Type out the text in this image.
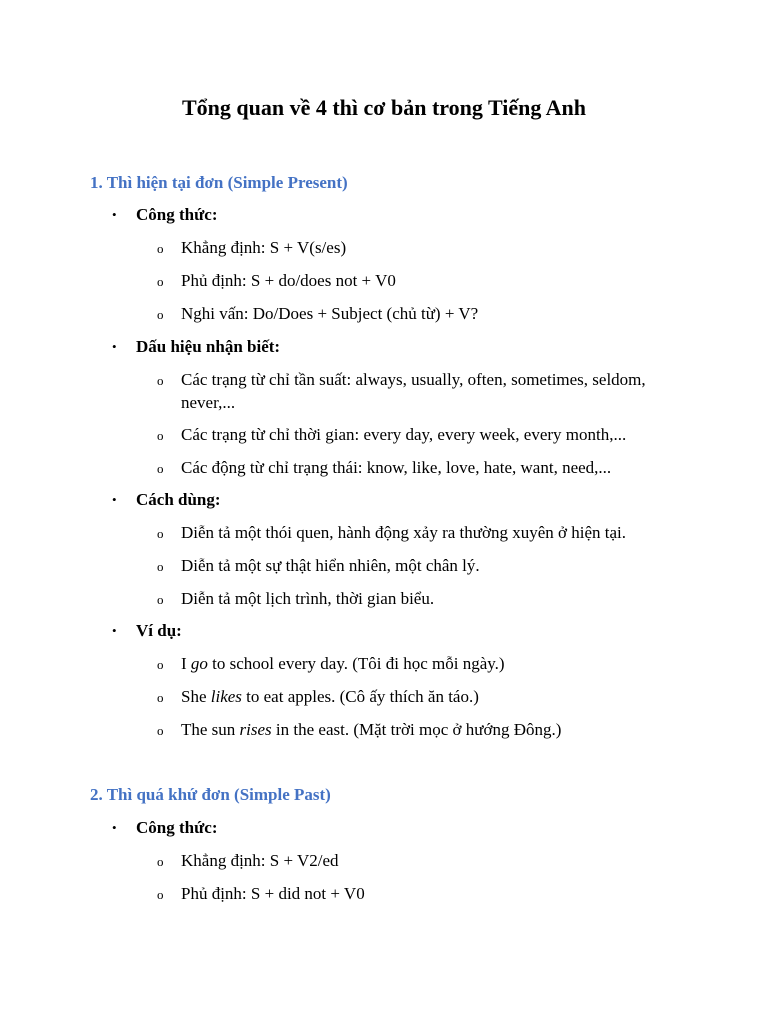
Tổng quan về 4 thì cơ bản trong Tiếng Anh
1. Thì hiện tại đơn (Simple Present)
• Công thức:
o Khẳng định: S + V(s/es)
o Phủ định: S + do/does not + V0
o Nghi vấn: Do/Does + Subject (chủ từ) + V?
• Dấu hiệu nhận biết:
o Các trạng từ chỉ tần suất: always, usually, often, sometimes, seldom, never,...
o Các trạng từ chỉ thời gian: every day, every week, every month,...
o Các động từ chỉ trạng thái: know, like, love, hate, want, need,...
• Cách dùng:
o Diễn tả một thói quen, hành động xảy ra thường xuyên ở hiện tại.
o Diễn tả một sự thật hiển nhiên, một chân lý.
o Diễn tả một lịch trình, thời gian biểu.
• Ví dụ:
o I go to school every day. (Tôi đi học mỗi ngày.)
o She likes to eat apples. (Cô ấy thích ăn táo.)
o The sun rises in the east. (Mặt trời mọc ở hướng Đông.)
2. Thì quá khứ đơn (Simple Past)
• Công thức:
o Khẳng định: S + V2/ed
o Phủ định: S + did not + V0
